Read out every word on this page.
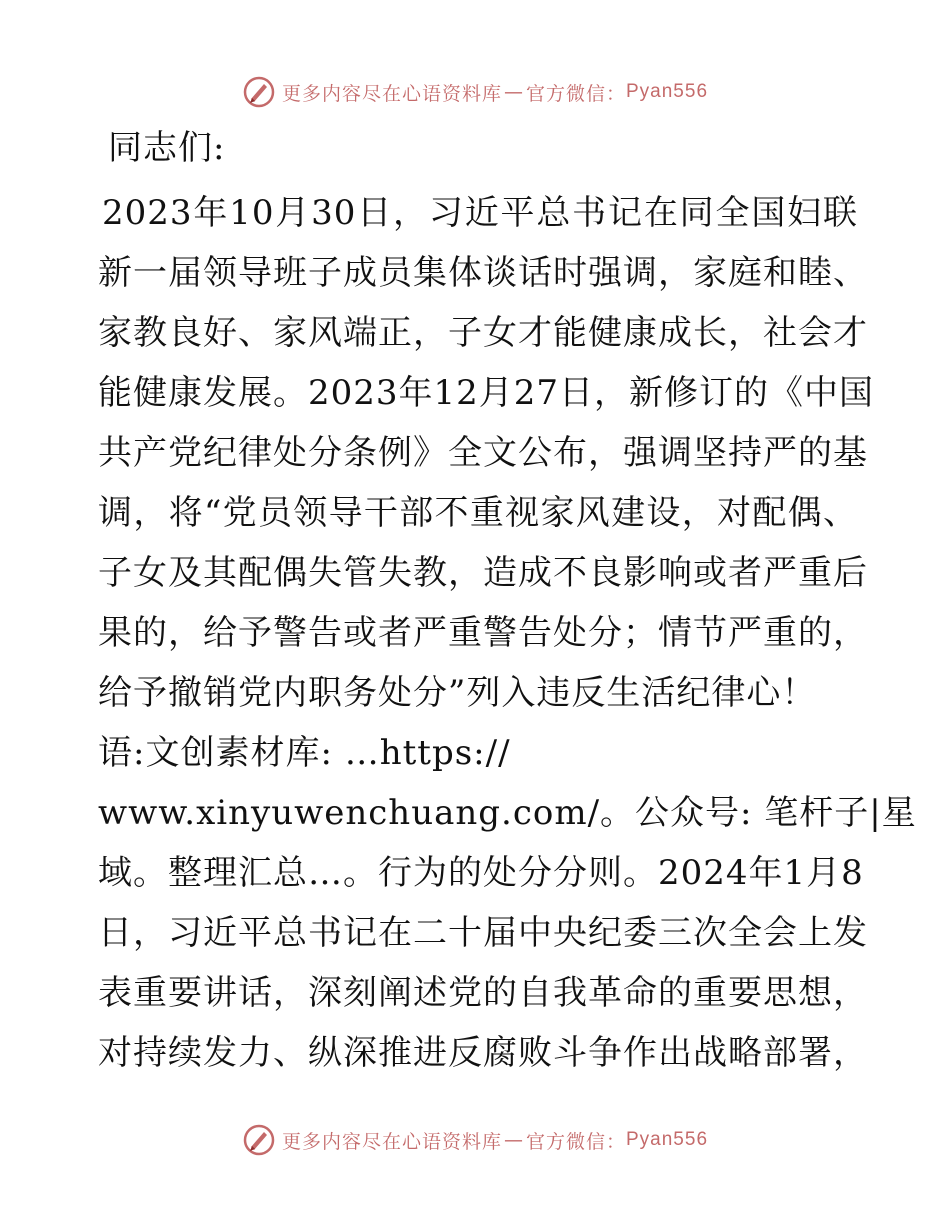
更多内容尽在心语资料库 — 官方微信： Pyan556
同志们:
2023年10月30日，习近平总书记在同全国妇联
新一届领导班子成员集体谈话时强调，家庭和睦、
家教良好、家风端正，子女才能健康成长，社会才
能健康发展。2023年12月27日，新修订的《中国
共产党纪律处分条例》全文公布，强调坚持严的基
调，将“党员领导干部不重视家风建设，对配偶、
子女及其配偶失管失教，造成不良影响或者严重后
果的，给予警告或者严重警告处分；情节严重的，
给予撤销党内职务处分”列入违反生活纪律心！
语:文创素材库: …https://
www.xinyuwenchuang.com/。公众号: 笔杆子|星
域。整理汇总…。行为的处分分则。2024年1月8
日，习近平总书记在二十届中央纪委三次全会上发
表重要讲话，深刻阐述党的自我革命的重要思想，
对持续发力、纵深推进反腐败斗争作出战略部署，
更多内容尽在心语资料库 — 官方微信： Pyan556
